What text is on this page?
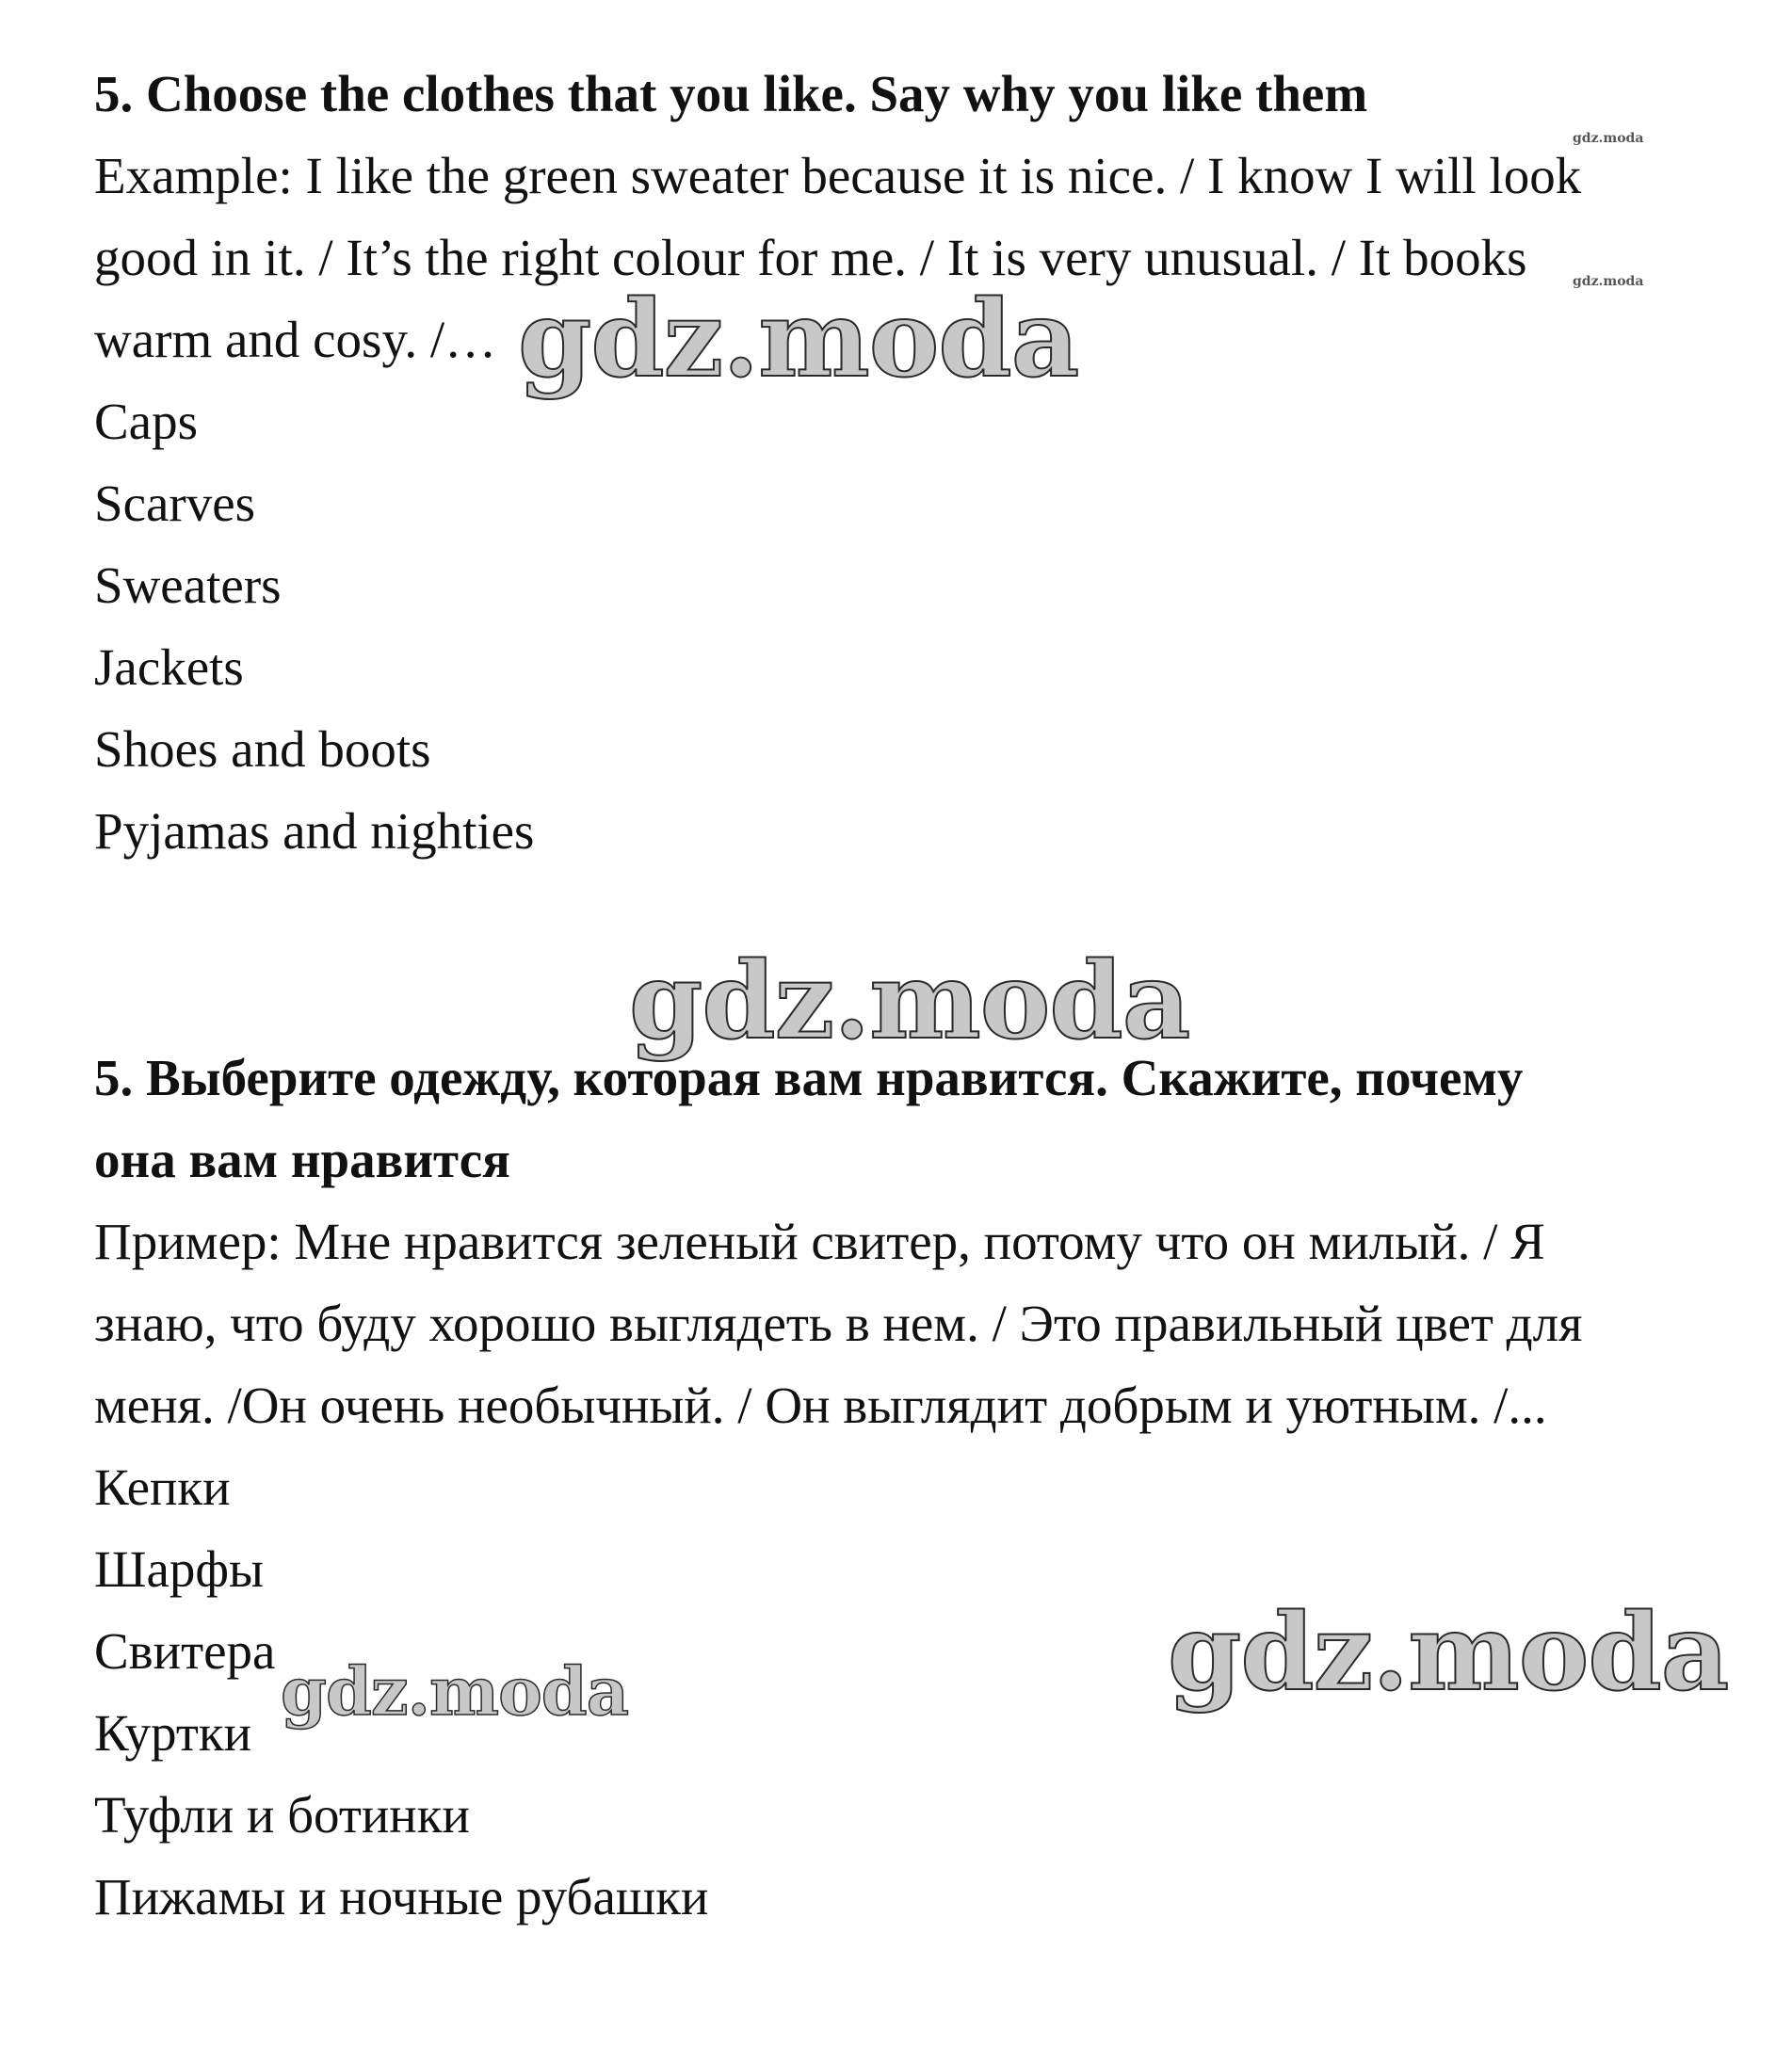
5. Choose the clothes that you like. Say why you like them
Example: I like the green sweater because it is nice. / I know I will look
good in it. / It’s the right colour for me. / It is very unusual. / It books
warm and cosy. /…
Caps
Scarves
Sweaters
Jackets
Shoes and boots
Pyjamas and nighties
5. Выберите одежду, которая вам нравится. Скажите, почему
она вам нравится
Пример: Мне нравится зеленый свитер, потому что он милый. / Я
знаю, что буду хорошо выглядеть в нем. / Это правильный цвет для
меня. /Он очень необычный. / Он выглядит добрым и уютным. /...
Кепки
Шарфы
Свитера
Куртки
Туфли и ботинки
Пижамы и ночные рубашки
gdz.moda
gdz.moda
gdz.moda
gdz.moda
gdz.moda
gdz.moda
